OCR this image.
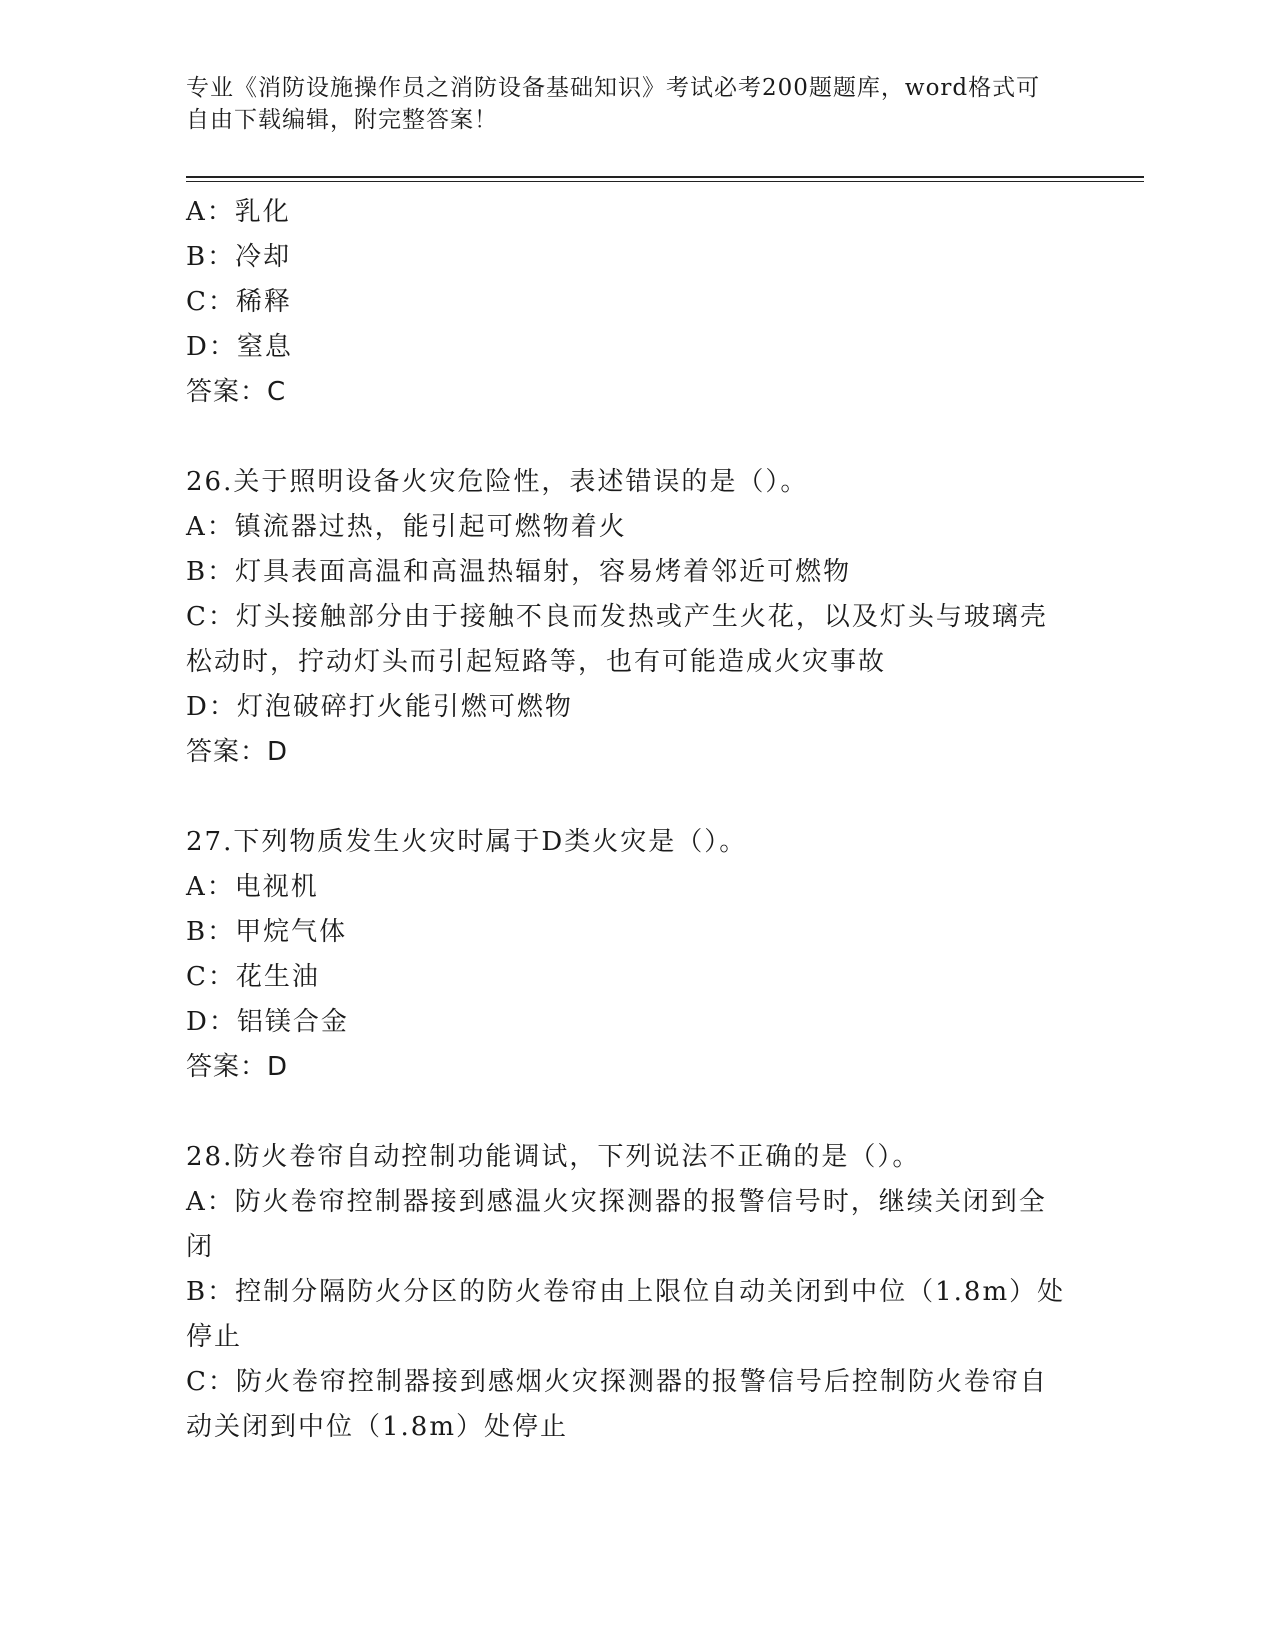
专业《消防设施操作员之消防设备基础知识》考试必考200题题库，word格式可
自由下载编辑，附完整答案！
A：乳化
B：冷却
C：稀释
D：窒息
答案：C
26.关于照明设备火灾危险性，表述错误的是（）。
A：镇流器过热，能引起可燃物着火
B：灯具表面高温和高温热辐射，容易烤着邻近可燃物
C：灯头接触部分由于接触不良而发热或产生火花，以及灯头与玻璃壳松动时，拧动灯头而引起短路等，也有可能造成火灾事故
D：灯泡破碎打火能引燃可燃物
答案：D
27.下列物质发生火灾时属于D类火灾是（）。
A：电视机
B：甲烷气体
C：花生油
D：铝镁合金
答案：D
28.防火卷帘自动控制功能调试，下列说法不正确的是（）。
A：防火卷帘控制器接到感温火灾探测器的报警信号时，继续关闭到全闭
B：控制分隔防火分区的防火卷帘由上限位自动关闭到中位（1.8m）处停止
C：防火卷帘控制器接到感烟火灾探测器的报警信号后控制防火卷帘自动关闭到中位（1.8m）处停止
